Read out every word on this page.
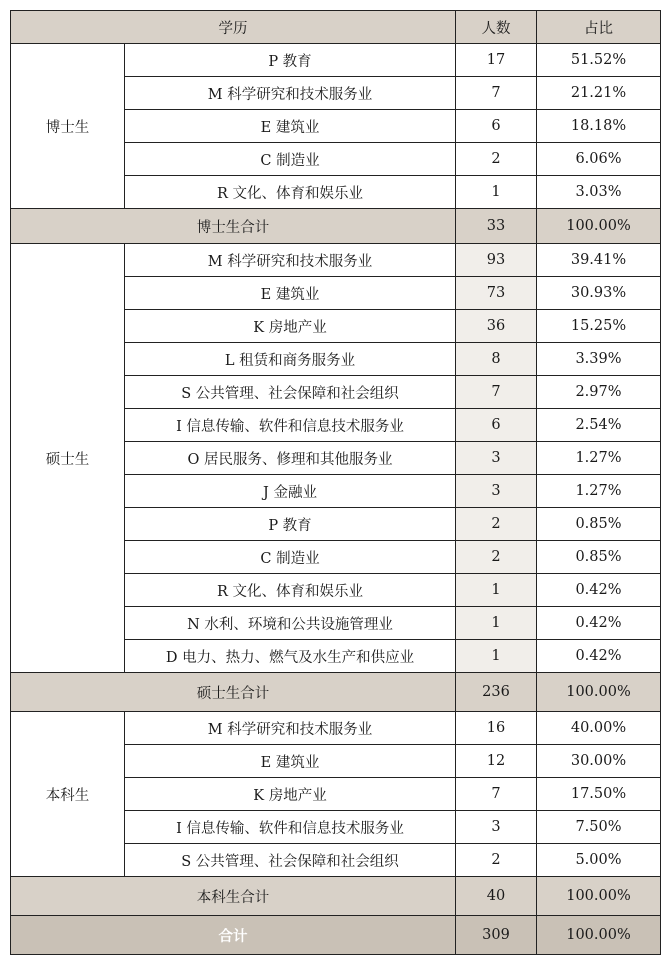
学历		人数	占比
博士生	P 教育	17	51.52%
	M 科学研究和技术服务业	7	21.21%
	E 建筑业	6	18.18%
	C 制造业	2	6.06%
	R 文化、体育和娱乐业	1	3.03%
博士生合计		33	100.00%
硕士生	M 科学研究和技术服务业	93	39.41%
	E 建筑业	73	30.93%
	K 房地产业	36	15.25%
	L 租赁和商务服务业	8	3.39%
	S 公共管理、社会保障和社会组织	7	2.97%
	I 信息传输、软件和信息技术服务业	6	2.54%
	O 居民服务、修理和其他服务业	3	1.27%
	J 金融业	3	1.27%
	P 教育	2	0.85%
	C 制造业	2	0.85%
	R 文化、体育和娱乐业	1	0.42%
	N 水利、环境和公共设施管理业	1	0.42%
	D 电力、热力、燃气及水生产和供应业	1	0.42%
硕士生合计		236	100.00%
本科生	M 科学研究和技术服务业	16	40.00%
	E 建筑业	12	30.00%
	K 房地产业	7	17.50%
	I 信息传输、软件和信息技术服务业	3	7.50%
	S 公共管理、社会保障和社会组织	2	5.00%
本科生合计		40	100.00%
合计		309	100.00%
